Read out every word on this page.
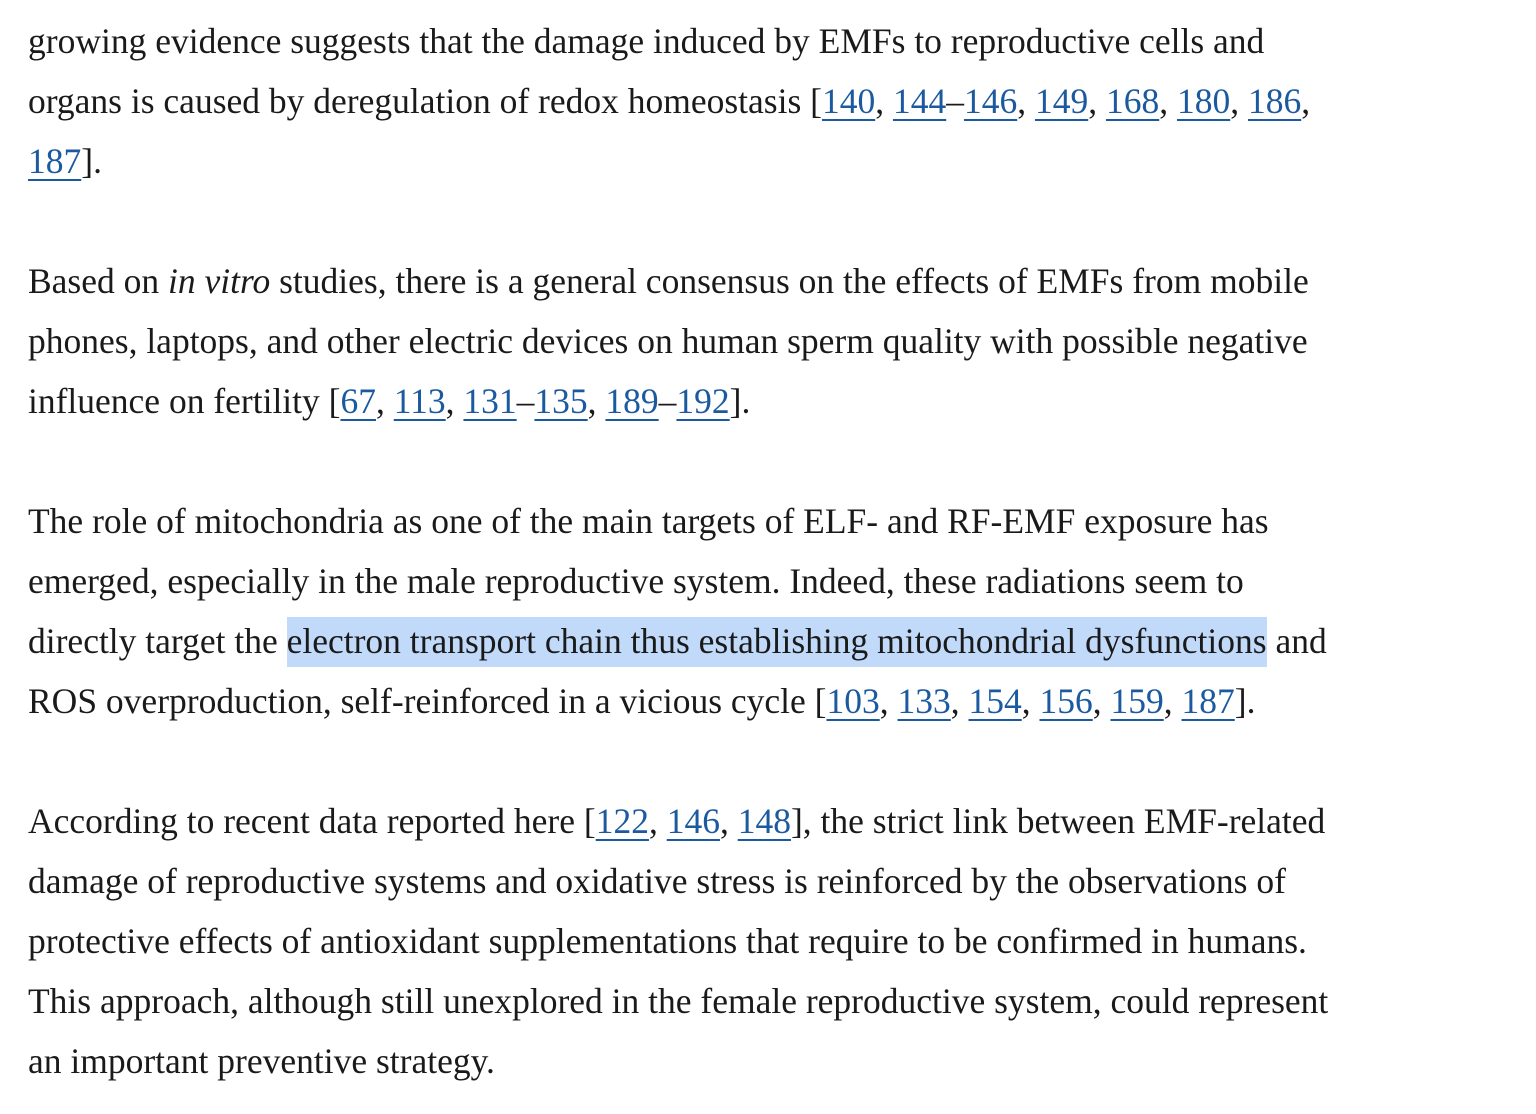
growing evidence suggests that the damage induced by EMFs to reproductive cells and
organs is caused by deregulation of redox homeostasis [140, 144–146, 149, 168, 180, 186,
187].

Based on in vitro studies, there is a general consensus on the effects of EMFs from mobile
phones, laptops, and other electric devices on human sperm quality with possible negative
influence on fertility [67, 113, 131–135, 189–192].

The role of mitochondria as one of the main targets of ELF- and RF-EMF exposure has
emerged, especially in the male reproductive system. Indeed, these radiations seem to
directly target the electron transport chain thus establishing mitochondrial dysfunctions and
ROS overproduction, self-reinforced in a vicious cycle [103, 133, 154, 156, 159, 187].

According to recent data reported here [122, 146, 148], the strict link between EMF-related
damage of reproductive systems and oxidative stress is reinforced by the observations of
protective effects of antioxidant supplementations that require to be confirmed in humans.
This approach, although still unexplored in the female reproductive system, could represent
an important preventive strategy.
